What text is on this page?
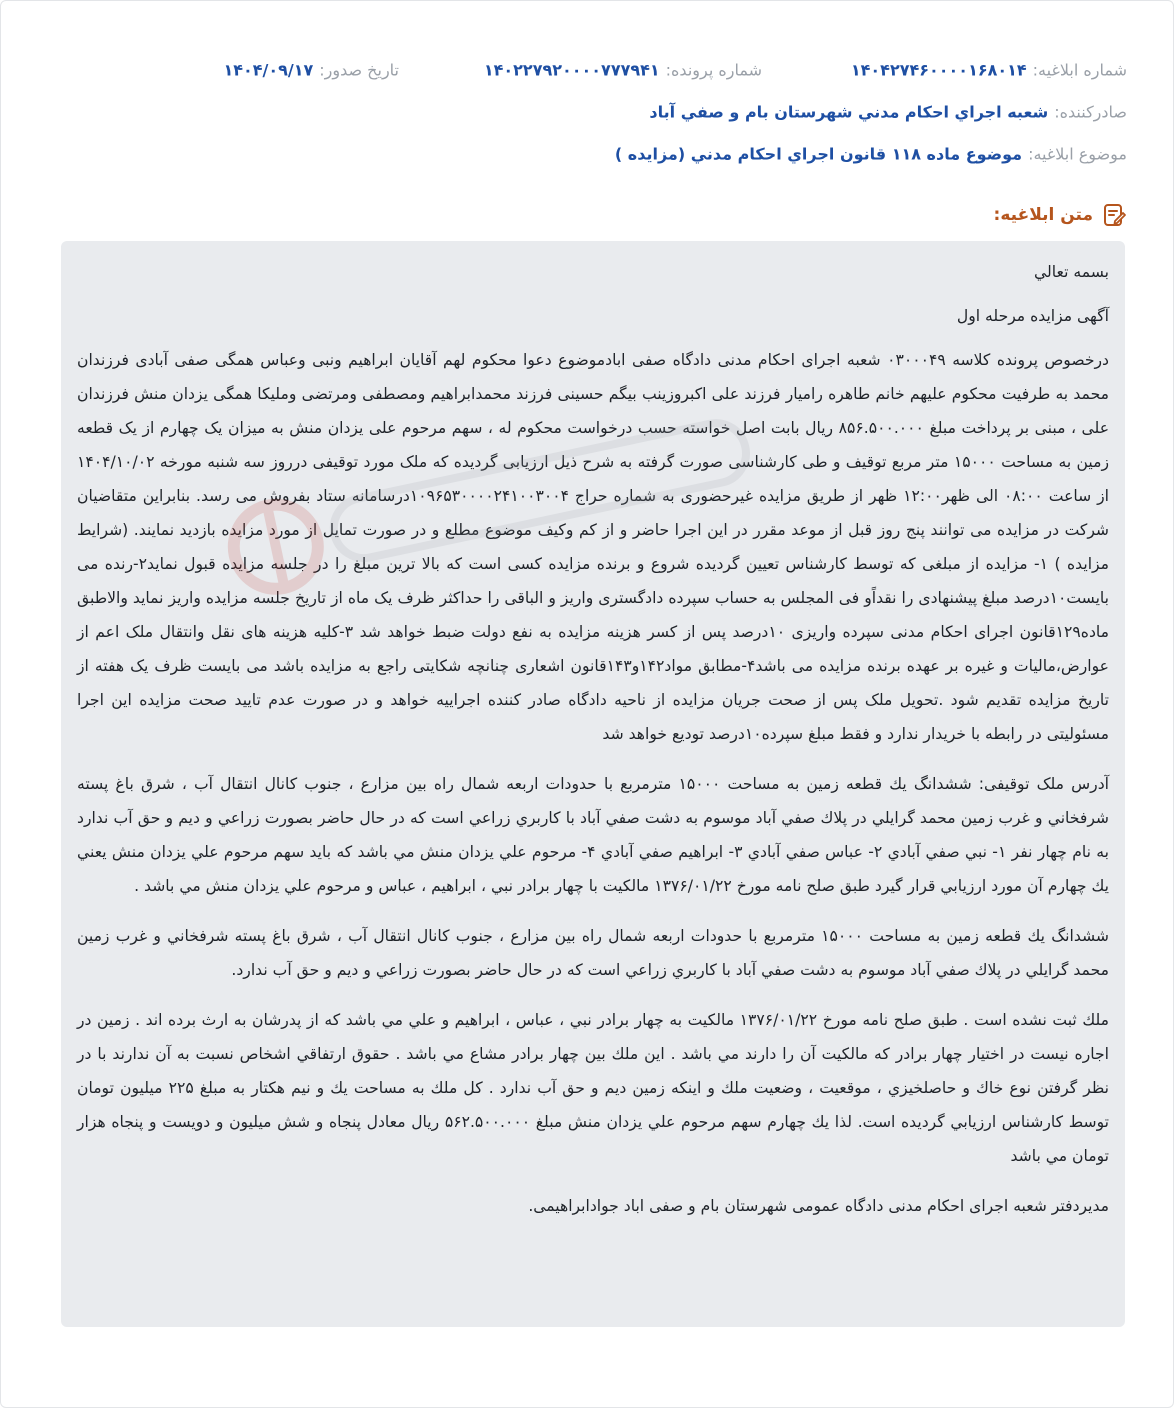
شماره ابلاغیه:
۱۴۰۴۲۷۴۶۰۰۰۰۱۶۸۰۱۴
شماره پرونده:
۱۴۰۲۲۷۹۲۰۰۰۰۷۷۷۹۴۱
تاریخ صدور:
۱۴۰۴/۰۹/۱۷
صادرکننده:
شعبه اجراي احكام مدني شهرستان بام و صفي آباد
موضوع ابلاغیه:
موضوع ماده ۱۱۸ قانون اجراي احكام مدني (مزايده )
متن ابلاغیه:

بسمه تعالي

آگهی مزایده مرحله اول

درخصوص پرونده کلاسه ۰۳۰۰۰۴۹ شعبه اجرای احکام مدنی دادگاه صفی ابادموضوع دعوا محکوم لهم آقایان ابراهیم ونبی وعباس همگی صفی آبادی فرزندان محمد به طرفیت محکوم علیهم خانم طاهره رامیار فرزند علی اکبروزینب بیگم حسینی فرزند محمدابراهیم ومصطفی ومرتضی وملیکا همگی یزدان منش فرزندان علی ، مبنی بر پرداخت مبلغ ۸۵۶.۵۰۰.۰۰۰ ریال بابت اصل خواسته حسب درخواست محکوم له ، سهم مرحوم علی یزدان منش به میزان یک چهارم از یک قطعه زمین به مساحت ۱۵۰۰۰ متر مربع توقیف و طی کارشناسی صورت گرفته به شرح ذیل ارزیابی گردیده که ملک مورد توقیفی درروز سه شنبه مورخه ۱۴۰۴/۱۰/۰۲ از ساعت ۰۸:۰۰ الی ظهر۱۲:۰۰ ظهر از طریق مزایده غیرحضوری به شماره حراج ۱۰۹۶۵۳۰۰۰۰۲۴‌‌۱۰۰۳‌‌۰۰۴‌درسامانه ستاد بفروش می رسد. بنابراین متقاضیان شرکت در مزایده می توانند پنج روز قبل از موعد مقرر در این اجرا حاضر و از کم وکیف موضوع مطلع و در صورت تمایل از مورد مزایده بازدید نمایند. (شرایط مزایده ) ۱- مزایده از مبلغی که توسط کارشناس تعیین گردیده شروع و برنده مزایده کسی است که بالا ترین مبلغ را در جلسه مزایده قبول نماید۲-رنده می بایست۱۰درصد مبلغ پیشنهادی را نقداًو فی المجلس به حساب سپرده دادگستری واریز و الباقی را حداکثر ظرف یک ماه از تاریخ جلسه مزایده واریز نماید والاطبق ماده۱۲۹قانون اجرای احکام مدنی سپرده واریزی ۱۰درصد پس از کسر هزینه مزایده به نفع دولت ضبط خواهد شد ۳-کلیه هزینه های نقل وانتقال ملک اعم از عوارض،مالیات و غیره بر عهده برنده مزایده می باشد۴-مطابق مواد۱۴۲و۱۴۳قانون اشعاری چنانچه شکایتی راجع به مزایده باشد می بایست ظرف یک هفته از تاریخ مزایده تقدیم شود .تحویل ملک پس از صحت جریان مزایده از ناحیه دادگاه صادر کننده اجراییه خواهد و در صورت عدم تایید صحت مزایده این اجرا مسئولیتی در رابطه با خریدار ندارد و فقط مبلغ سپرده۱۰درصد تودیع خواهد شد

آدرس ملک توقیفی: ششدانگ يك قطعه زمين به مساحت ۱۵۰۰۰ مترمربع با حدودات اربعه شمال راه بين مزارع ، جنوب كانال انتقال آب ، شرق باغ پسته شرفخاني و غرب زمين محمد گرايلي در پلاك صفي آباد موسوم به دشت صفي آباد با كاربري زراعي است كه در حال حاضر بصورت زراعي و ديم و حق آب ندارد به نام چهار نفر ۱- نبي صفي آبادي ۲- عباس صفي آبادي ۳- ابراهيم صفي آبادي ۴- مرحوم علي يزدان منش مي باشد كه بايد سهم مرحوم علي يزدان منش يعني يك چهارم آن مورد ارزيابي قرار گيرد طبق صلح نامه مورخ ۱۳۷۶/۰۱/۲۲ مالكيت با چهار برادر نبي ، ابراهيم ، عباس و مرحوم علي يزدان منش مي باشد .

ششدانگ يك قطعه زمين به مساحت ۱۵۰۰۰ مترمربع با حدودات اربعه شمال راه بين مزارع ، جنوب كانال انتقال آب ، شرق باغ پسته شرفخاني و غرب زمين محمد گرايلي در پلاك صفي آباد موسوم به دشت صفي آباد با كاربري زراعي است كه در حال حاضر بصورت زراعي و ديم و حق آب ندارد.

ملك ثبت نشده است . طبق صلح نامه مورخ ۱۳۷۶/۰۱/۲۲ مالكيت به چهار برادر نبي ، عباس ، ابراهيم و علي مي باشد كه از پدرشان به ارث برده اند . زمين در اجاره نيست در اختيار چهار برادر كه مالكيت آن را دارند مي باشد . اين ملك بين چهار برادر مشاع مي باشد . حقوق ارتفاقي اشخاص نسبت به آن ندارند با در نظر گرفتن نوع خاك و حاصلخيزي ، موقعيت ، وضعيت ملك و اينكه زمين ديم و حق آب ندارد . كل ملك به مساحت يك و نيم هكتار به مبلغ ۲۲۵ ميليون تومان توسط كارشناس ارزيابي گرديده است. لذا يك چهارم سهم مرحوم علي يزدان منش مبلغ ۵۶۲.۵۰۰.۰۰۰ ريال معادل پنجاه و شش ميليون و دويست و پنجاه هزار تومان مي باشد

مدیردفتر شعبه اجرای احکام مدنی دادگاه عمومی شهرستان بام و صفی اباد جوادابراهیمی.
